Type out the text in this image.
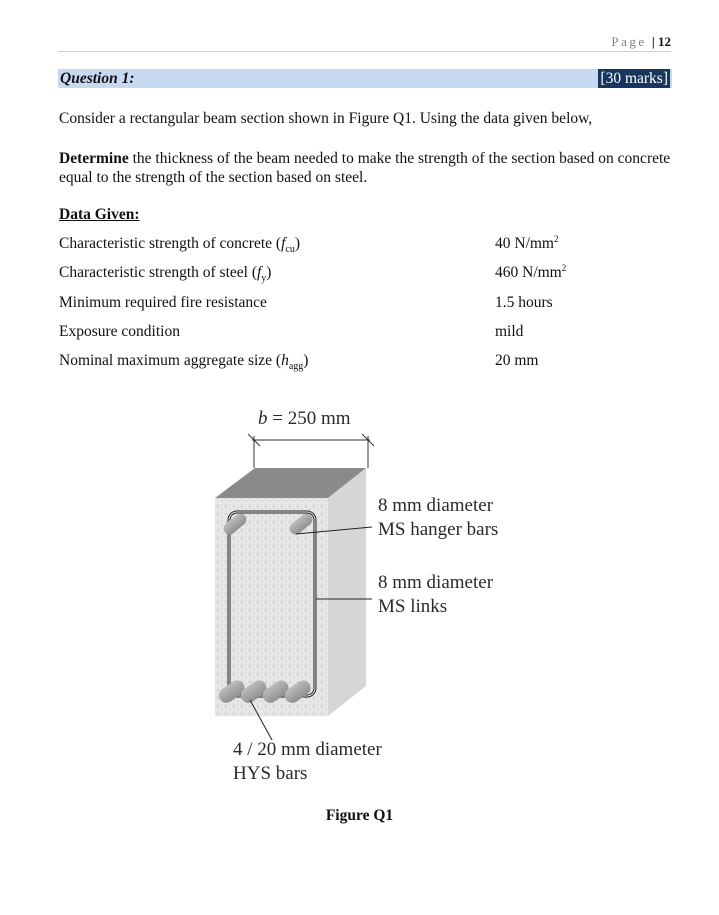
Page | 12
Question 1:	[30 marks]
Consider a rectangular beam section shown in Figure Q1. Using the data given below,
Determine the thickness of the beam needed to make the strength of the section based on concrete equal to the strength of the section based on steel.
Data Given:
Characteristic strength of concrete $(f_{cu})$	40 $N/mm^2$
Characteristic strength of steel $(f_y)$	460 $N/mm^2$
Minimum required fire resistance	1.5 hours
Exposure condition	mild
Nominal maximum aggregate size $(h_{agg})$	20 mm
b = 250 mm
8 mm diameter
MS hanger bars
8 mm diameter
MS links
4 / 20 mm diameter
HYS bars
Figure Q1
